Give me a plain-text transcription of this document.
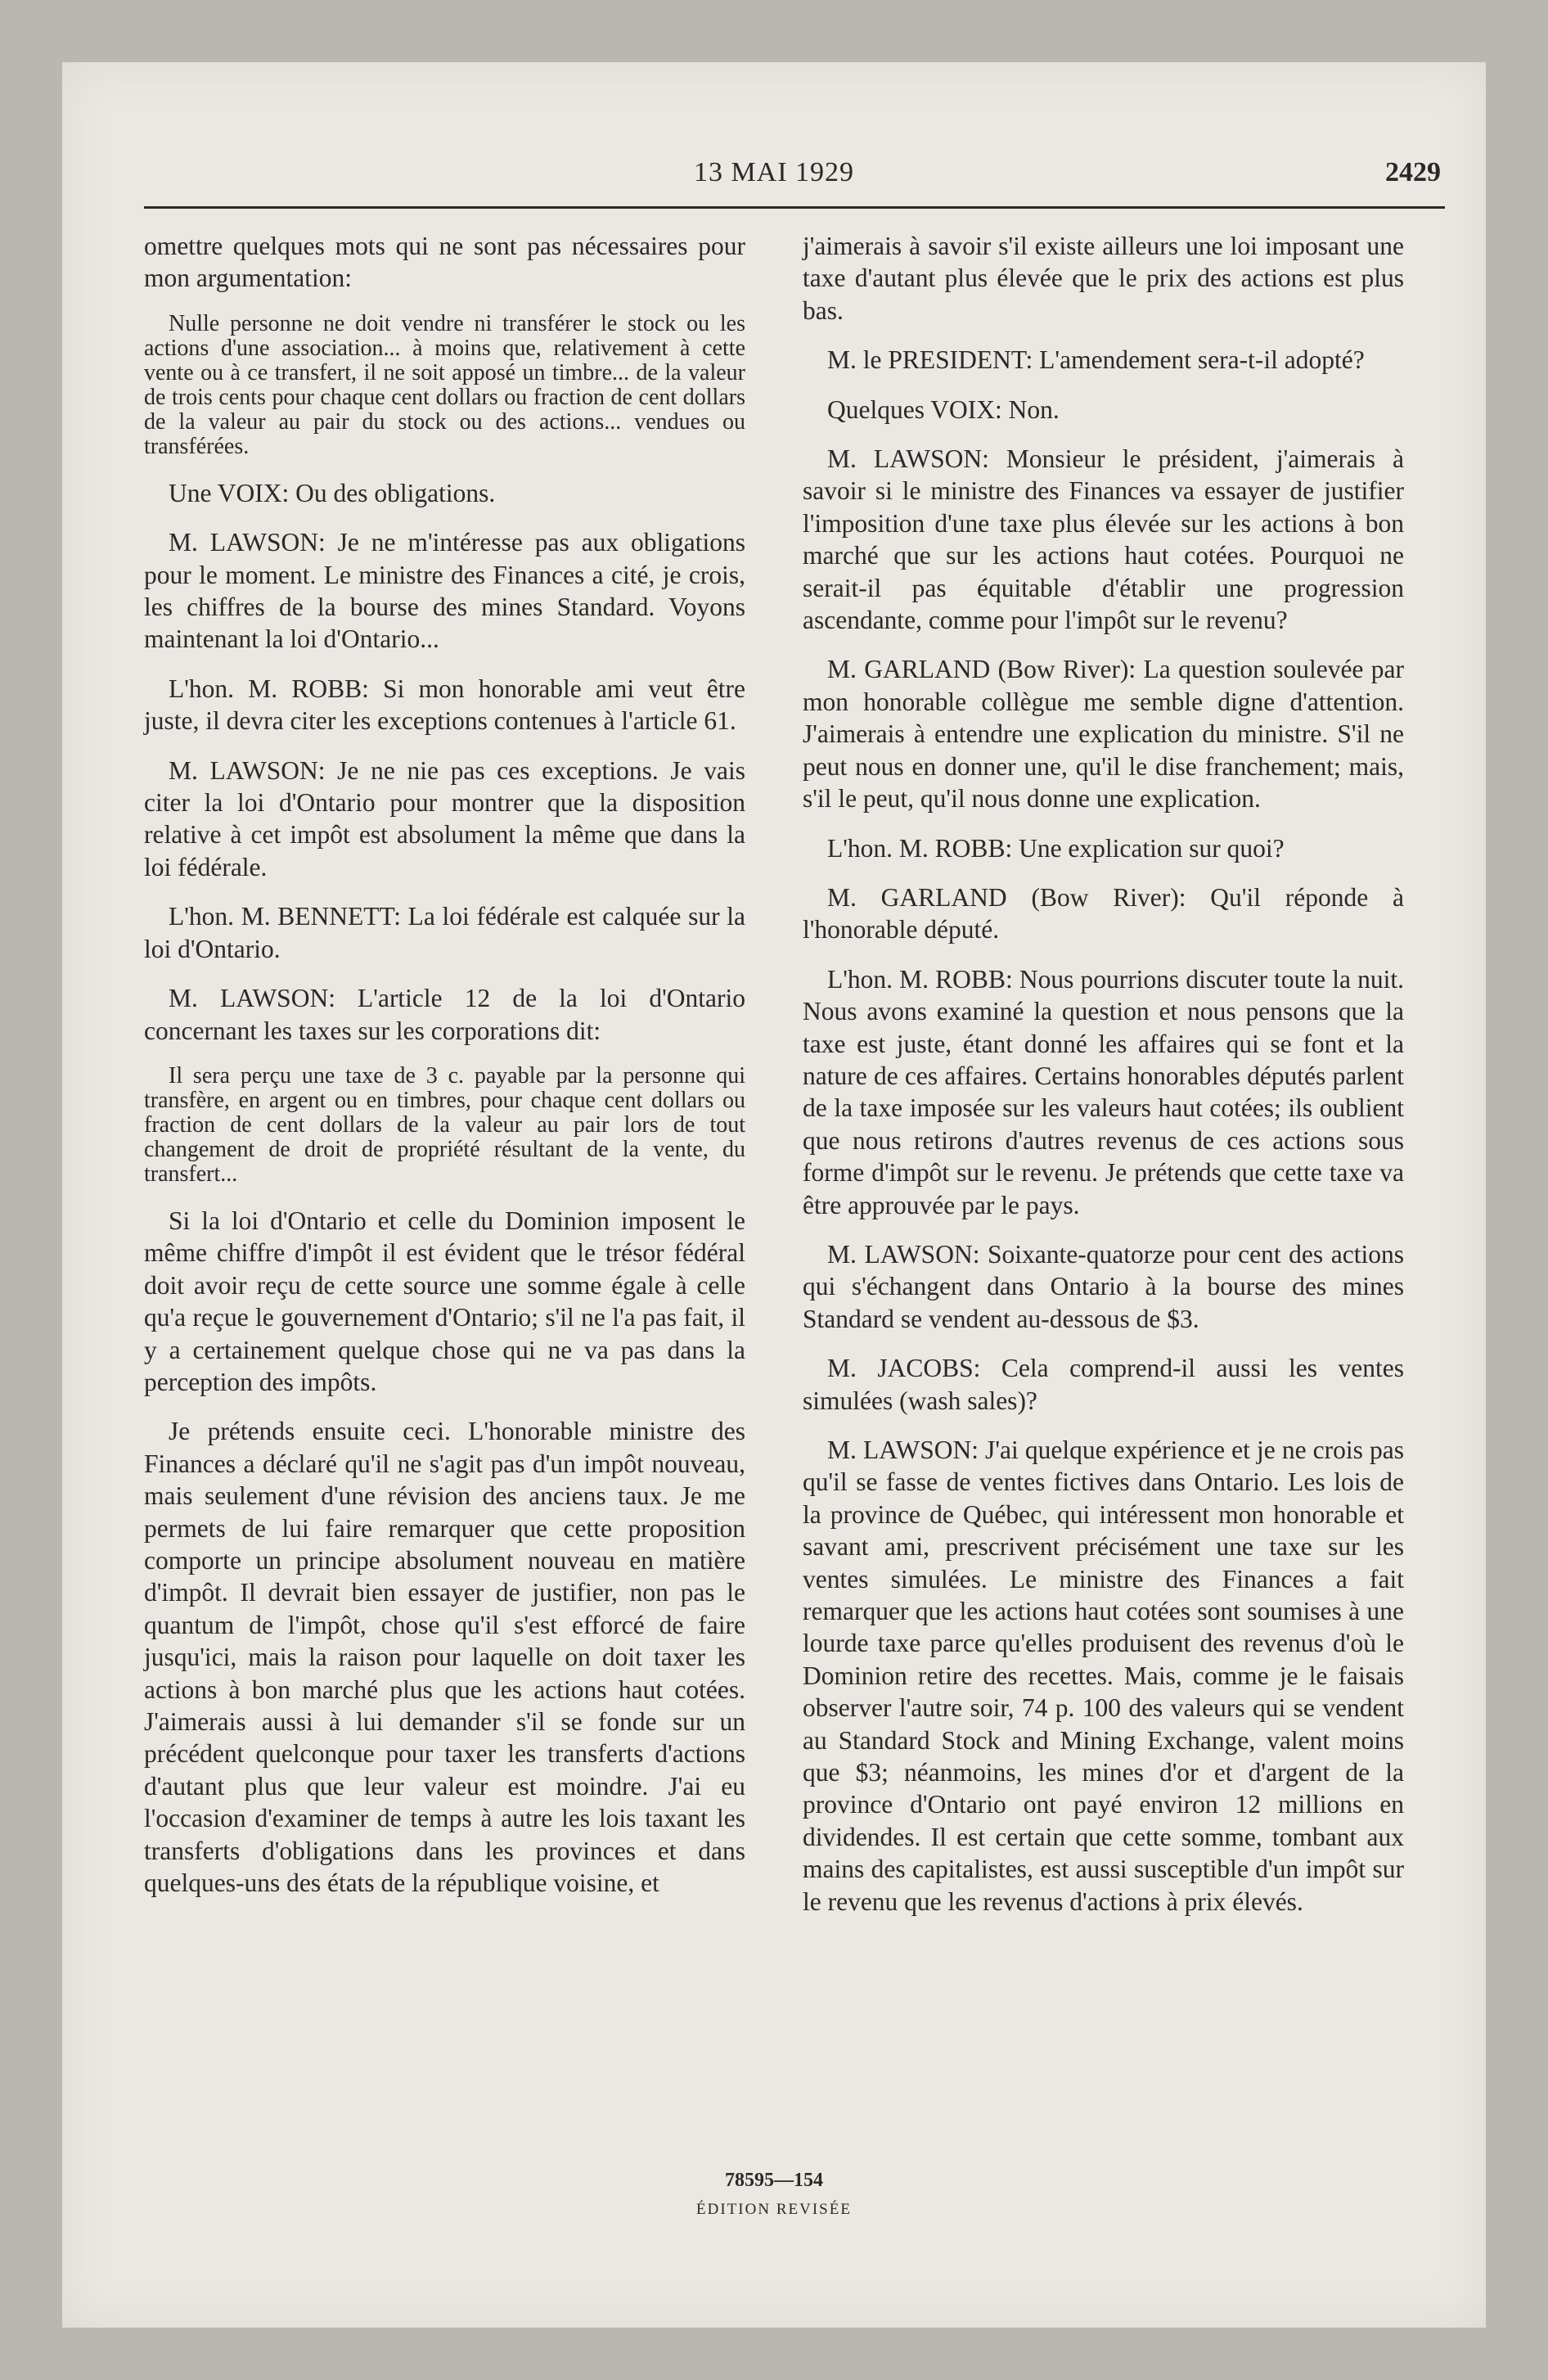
13 MAI 1929	2429

omettre quelques mots qui ne sont pas nécessaires pour mon argumentation:

Nulle personne ne doit vendre ni transférer le stock ou les actions d'une association... à moins que, relativement à cette vente ou à ce transfert, il ne soit apposé un timbre... de la valeur de trois cents pour chaque cent dollars ou fraction de cent dollars de la valeur au pair du stock ou des actions... vendues ou transférées.

Une VOIX: Ou des obligations.

M. LAWSON: Je ne m'intéresse pas aux obligations pour le moment. Le ministre des Finances a cité, je crois, les chiffres de la bourse des mines Standard. Voyons maintenant la loi d'Ontario...

L'hon. M. ROBB: Si mon honorable ami veut être juste, il devra citer les exceptions contenues à l'article 61.

M. LAWSON: Je ne nie pas ces exceptions. Je vais citer la loi d'Ontario pour montrer que la disposition relative à cet impôt est absolument la même que dans la loi fédérale.

L'hon. M. BENNETT: La loi fédérale est calquée sur la loi d'Ontario.

M. LAWSON: L'article 12 de la loi d'Ontario concernant les taxes sur les corporations dit:

Il sera perçu une taxe de 3 c. payable par la personne qui transfère, en argent ou en timbres, pour chaque cent dollars ou fraction de cent dollars de la valeur au pair lors de tout changement de droit de propriété résultant de la vente, du transfert...

Si la loi d'Ontario et celle du Dominion imposent le même chiffre d'impôt il est évident que le trésor fédéral doit avoir reçu de cette source une somme égale à celle qu'a reçue le gouvernement d'Ontario; s'il ne l'a pas fait, il y a certainement quelque chose qui ne va pas dans la perception des impôts.

Je prétends ensuite ceci. L'honorable ministre des Finances a déclaré qu'il ne s'agit pas d'un impôt nouveau, mais seulement d'une révision des anciens taux. Je me permets de lui faire remarquer que cette proposition comporte un principe absolument nouveau en matière d'impôt. Il devrait bien essayer de justifier, non pas le quantum de l'impôt, chose qu'il s'est efforcé de faire jusqu'ici, mais la raison pour laquelle on doit taxer les actions à bon marché plus que les actions haut cotées. J'aimerais aussi à lui demander s'il se fonde sur un précédent quelconque pour taxer les transferts d'actions d'autant plus que leur valeur est moindre. J'ai eu l'occasion d'examiner de temps à autre les lois taxant les transferts d'obligations dans les provinces et dans quelques-uns des états de la république voisine, et

j'aimerais à savoir s'il existe ailleurs une loi imposant une taxe d'autant plus élevée que le prix des actions est plus bas.

M. le PRESIDENT: L'amendement sera-t-il adopté?

Quelques VOIX: Non.

M. LAWSON: Monsieur le président, j'aimerais à savoir si le ministre des Finances va essayer de justifier l'imposition d'une taxe plus élevée sur les actions à bon marché que sur les actions haut cotées. Pourquoi ne serait-il pas équitable d'établir une progression ascendante, comme pour l'impôt sur le revenu?

M. GARLAND (Bow River): La question soulevée par mon honorable collègue me semble digne d'attention. J'aimerais à entendre une explication du ministre. S'il ne peut nous en donner une, qu'il le dise franchement; mais, s'il le peut, qu'il nous donne une explication.

L'hon. M. ROBB: Une explication sur quoi?

M. GARLAND (Bow River): Qu'il réponde à l'honorable député.

L'hon. M. ROBB: Nous pourrions discuter toute la nuit. Nous avons examiné la question et nous pensons que la taxe est juste, étant donné les affaires qui se font et la nature de ces affaires. Certains honorables députés parlent de la taxe imposée sur les valeurs haut cotées; ils oublient que nous retirons d'autres revenus de ces actions sous forme d'impôt sur le revenu. Je prétends que cette taxe va être approuvée par le pays.

M. LAWSON: Soixante-quatorze pour cent des actions qui s'échangent dans Ontario à la bourse des mines Standard se vendent au-dessous de $3.

M. JACOBS: Cela comprend-il aussi les ventes simulées (wash sales)?

M. LAWSON: J'ai quelque expérience et je ne crois pas qu'il se fasse de ventes fictives dans Ontario. Les lois de la province de Québec, qui intéressent mon honorable et savant ami, prescrivent précisément une taxe sur les ventes simulées. Le ministre des Finances a fait remarquer que les actions haut cotées sont soumises à une lourde taxe parce qu'elles produisent des revenus d'où le Dominion retire des recettes. Mais, comme je le faisais observer l'autre soir, 74 p. 100 des valeurs qui se vendent au Standard Stock and Mining Exchange, valent moins que $3; néanmoins, les mines d'or et d'argent de la province d'Ontario ont payé environ 12 millions en dividendes. Il est certain que cette somme, tombant aux mains des capitalistes, est aussi susceptible d'un impôt sur le revenu que les revenus d'actions à prix élevés.

78595—154
ÉDITION REVISÉE
